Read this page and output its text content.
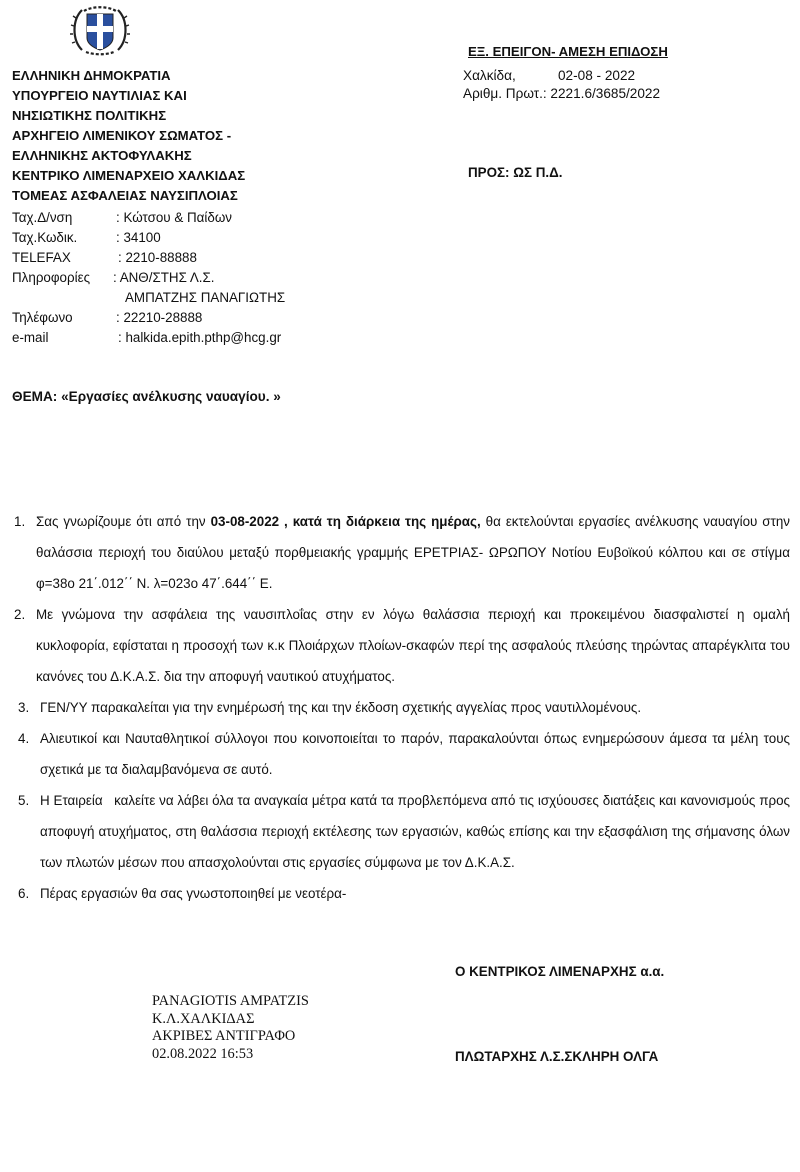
ΕΛΛΗΝΙΚΗ ΔΗΜΟΚΡΑΤΙΑ
ΥΠΟΥΡΓΕΙΟ ΝΑΥΤΙΛΙΑΣ ΚΑΙ
ΝΗΣΙΩΤΙΚΗΣ ΠΟΛΙΤΙΚΗΣ
ΑΡΧΗΓΕΙΟ ΛΙΜΕΝΙΚΟΥ ΣΩΜΑΤΟΣ -
ΕΛΛΗΝΙΚΗΣ ΑΚΤΟΦΥΛΑΚΗΣ
ΚΕΝΤΡΙΚΟ ΛΙΜΕΝΑΡΧΕΙΟ ΧΑΛΚΙΔΑΣ
ΤΟΜΕΑΣ ΑΣΦΑΛΕΙΑΣ ΝΑΥΣΙΠΛΟΙΑΣ
Ταχ.Δ/νση	: Κώτσου & Παίδων
Ταχ.Κωδικ.	: 34100
TELEFAX	: 2210-88888
Πληροφορίες : ΑΝΘ/ΣΤΗΣ Λ.Σ.
ΑΜΠΑΤΖΗΣ ΠΑΝΑΓΙΩΤΗΣ
Τηλέφωνο	: 22210-28888
e-mail	: halkida.epith.pthp@hcg.gr
ΕΞ. ΕΠΕΙΓΟΝ- ΑΜΕΣΗ ΕΠΙΔΟΣΗ
Χαλκίδα,	02-08 - 2022
Αριθμ. Πρωτ.: 2221.6/3685/2022
ΠΡΟΣ: ΩΣ Π.Δ.
ΘΕΜΑ: «Εργασίες ανέλκυσης ναυαγίου. »
1. Σας γνωρίζουμε ότι από την 03-08-2022 , κατά τη διάρκεια της ημέρας, θα εκτελούνται εργασίες ανέλκυσης ναυαγίου στην θαλάσσια περιοχή του διαύλου μεταξύ πορθμειακής γραμμής ΕΡΕΤΡΙΑΣ- ΩΡΩΠΟΥ Νοτίου Ευβοϊκού κόλπου και σε στίγμα φ=38ο 21΄.012΄΄ Ν. λ=023ο 47΄.644΄΄ Ε.
2. Με γνώμονα την ασφάλεια της ναυσιπλοΐας στην εν λόγω θαλάσσια περιοχή και προκειμένου διασφαλιστεί η ομαλή κυκλοφορία, εφίσταται η προσοχή των κ.κ Πλοιάρχων πλοίων-σκαφών περί της ασφαλούς πλεύσης τηρώντας απαρέγκλιτα του κανόνες του Δ.Κ.Α.Σ. δια την αποφυγή ναυτικού ατυχήματος.
3. ΓΕΝ/ΥΥ παρακαλείται για την ενημέρωσή της και την έκδοση σχετικής αγγελίας προς ναυτιλλομένους.
4. Αλιευτικοί και Ναυταθλητικοί σύλλογοι που κοινοποιείται το παρόν, παρακαλούνται όπως ενημερώσουν άμεσα τα μέλη τους σχετικά με τα διαλαμβανόμενα σε αυτό.
5. Η Εταιρεία   καλείτε να λάβει όλα τα αναγκαία μέτρα κατά τα προβλεπόμενα από τις ισχύουσες διατάξεις και κανονισμούς προς αποφυγή ατυχήματος, στη θαλάσσια περιοχή εκτέλεσης των εργασιών, καθώς επίσης και την εξασφάλιση της σήμανσης όλων των πλωτών μέσων που απασχολούνται στις εργασίες σύμφωνα με τον Δ.Κ.Α.Σ.
6. Πέρας εργασιών θα σας γνωστοποιηθεί με νεοτέρα-
Ο ΚΕΝΤΡΙΚΟΣ ΛΙΜΕΝΑΡΧΗΣ α.α.
PANAGIOTIS AMPATZIS
Κ.Λ.ΧΑΛΚΙΔΑΣ
ΑΚΡΙΒΕΣ ΑΝΤΙΓΡΑΦΟ
02.08.2022 16:53	ΠΛΩΤΑΡΧΗΣ Λ.Σ.ΣΚΛΗΡΗ ΟΛΓΑ
